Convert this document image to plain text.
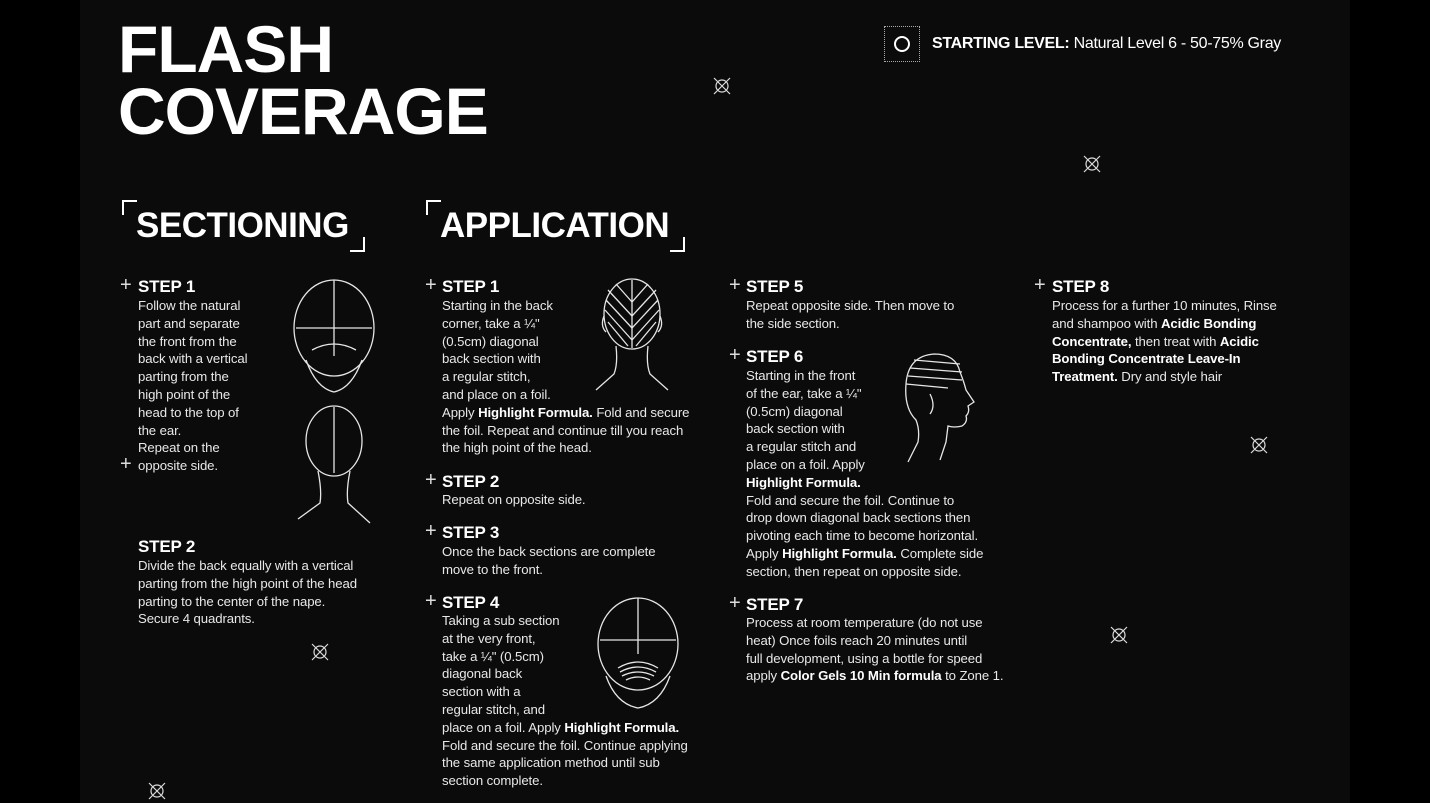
FLASH
COVERAGE
STARTING LEVEL: Natural Level 6 - 50-75% Gray
SECTIONING	APPLICATION
+ STEP 1
Follow the natural
part and separate
the front from the
back with a vertical
parting from the
high point of the
head to the top of
the ear.
Repeat on the
opposite side.
+
STEP 2
Divide the back equally with a vertical
parting from the high point of the head
parting to the center of the nape.
Secure 4 quadrants.
+ STEP 1
Starting in the back
corner, take a ¼"
(0.5cm) diagonal
back section with
a regular stitch,
and place on a foil.
Apply Highlight Formula. Fold and secure
the foil. Repeat and continue till you reach
the high point of the head.
+ STEP 2
Repeat on opposite side.
+ STEP 3
Once the back sections are complete
move to the front.
+ STEP 4
Taking a sub section
at the very front,
take a ¼" (0.5cm)
diagonal back
section with a
regular stitch, and
place on a foil. Apply Highlight Formula.
Fold and secure the foil. Continue applying
the same application method until sub
section complete.
+ STEP 5
Repeat opposite side. Then move to
the side section.
+ STEP 6
Starting in the front
of the ear, take a ¼"
(0.5cm) diagonal
back section with
a regular stitch and
place on a foil. Apply
Highlight Formula.
Fold and secure the foil. Continue to
drop down diagonal back sections then
pivoting each time to become horizontal.
Apply Highlight Formula. Complete side
section, then repeat on opposite side.
+ STEP 7
Process at room temperature (do not use
heat) Once foils reach 20 minutes until
full development, using a bottle for speed
apply Color Gels 10 Min formula to Zone 1.
+ STEP 8
Process for a further 10 minutes, Rinse
and shampoo with Acidic Bonding
Concentrate, then treat with Acidic
Bonding Concentrate Leave-In
Treatment. Dry and style hair
